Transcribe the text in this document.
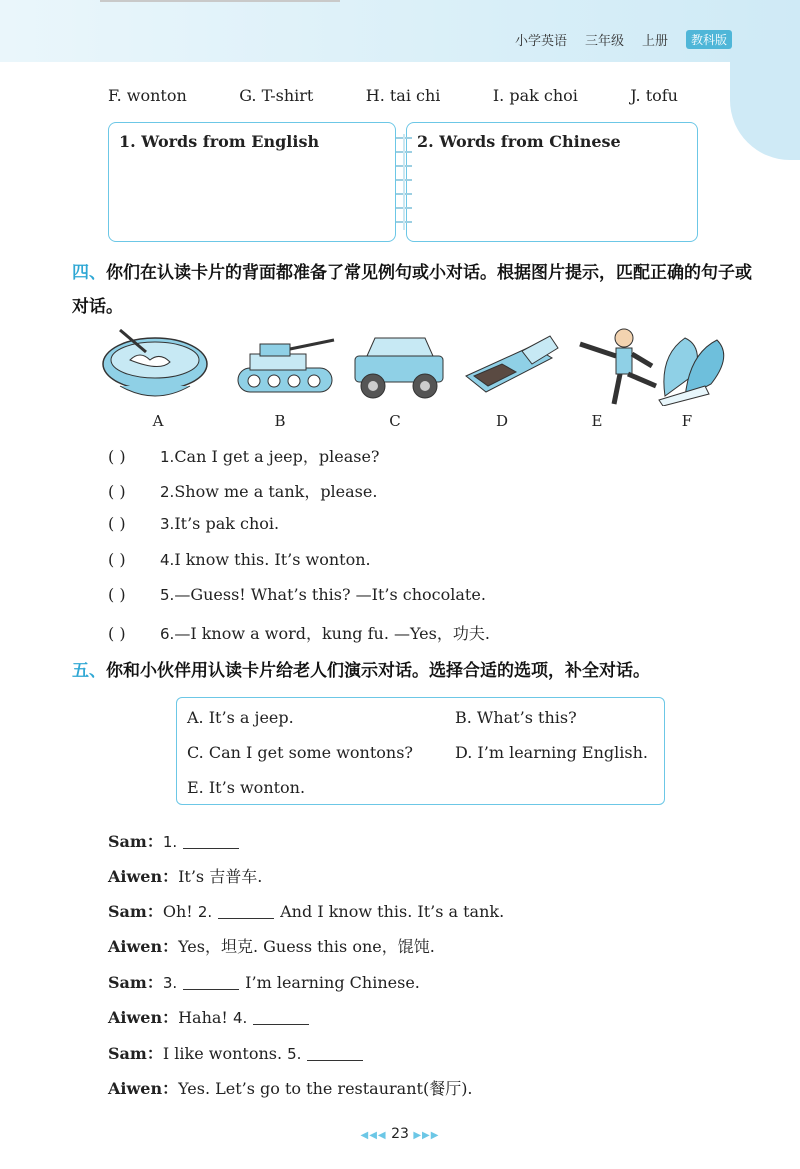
小学英语 三年级 上册	教科版
F. wonton	G. T-shirt	H. tai chi	I. pak choi	J. tofu
1. Words from English	2. Words from Chinese
四、你们在认读卡片的背面都准备了常见例句或小对话。根据图片提示，匹配正确的句子或对话。
A	B	C	D	E	F
( ) 1.Can I get a jeep，please?
( ) 2.Show me a tank，please.
( ) 3.It’s pak choi.
( ) 4.I know this. It’s wonton.
( ) 5.—Guess! What’s this? —It’s chocolate.
( ) 6.—I know a word，kung fu. —Yes，功夫.
五、你和小伙伴用认读卡片给老人们演示对话。选择合适的选项，补全对话。
A. It’s a jeep.	B. What’s this?
C. Can I get some wontons?	D. I’m learning English.
E. It’s wonton.
Sam：1.
Aiwen：It’s 吉普车.
Sam：Oh! 2.	And I know this. It’s a tank.
Aiwen：Yes，坦克. Guess this one，馄饨.
Sam：3.	I’m learning Chinese.
Aiwen：Haha! 4.
Sam：I like wontons. 5.
Aiwen：Yes. Let’s go to the restaurant(餐厅).
◀◀◀ 23 ▶▶▶
